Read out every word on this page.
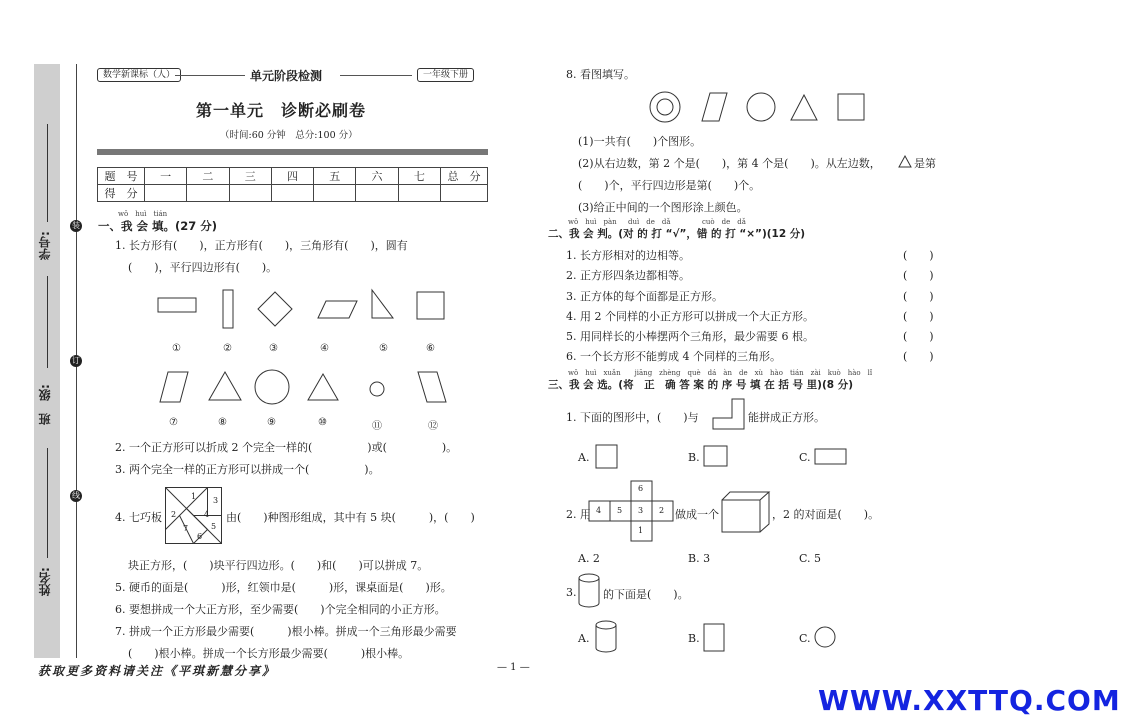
学号:
班　级:
姓名:
装
订
线
数学新课标（人）	单元阶段检测	一年级下册
第一单元　诊断必刷卷
（时间:60 分钟　总分:100 分）
题　号	一	二	三	四	五	六	七	总　分
得　分								
wǒ　huì　tián
一、我 会 填。(27 分)
1. 长方形有(　　)，正方形有(　　)，三角形有(　　)，圆有
(　　)，平行四边形有(　　)。
①	②	③	④	⑤	⑥
⑦	⑧	⑨	⑩	⑪	⑫
2. 一个正方形可以折成 2 个完全一样的(　　　　　)或(　　　　　)。
3. 两个完全一样的正方形可以拼成一个(　　　　　)。
4. 七巧板
1
2
3
4
5
6
7
由(　　)种图形组成，其中有 5 块(　　　)，(　　)
块正方形，(　　)块平行四边形。(　　)和(　　)可以拼成 7。
5. 硬币的面是(　　　)形，红领巾是(　　　)形，课桌面是(　　)形。
6. 要想拼成一个大正方形，至少需要(　　)个完全相同的小正方形。
7. 拼成一个正方形最少需要(　　　)根小棒。拼成一个三角形最少需要
(　　)根小棒。拼成一个长方形最少需要(　　　)根小棒。
8. 看图填写。
(1)一共有(　　)个图形。
(2)从右边数，第 2 个是(　　)，第 4 个是(　　)。从左边数，	是第
(　　)个，平行四边形是第(　　)个。
(3)给正中间的一个图形涂上颜色。
wǒ　huì　pàn duì　de　dǎ	cuò　de　dǎ
二、我 会 判。(对 的 打 “√”，错 的 打 “×”)(12 分)
1. 长方形相对的边相等。	(　　)
2. 正方形四条边都相等。	(　　)
3. 正方体的每个面都是正方形。	(　　)
4. 用 2 个同样的小正方形可以拼成一个大正方形。	(　　)
5. 用同样长的小棒摆两个三角形，最少需要 6 根。	(　　)
6. 一个长方形不能剪成 4 个同样的三角形。	(　　)
wǒ　huì　xuǎn　　jiāng　zhèng　què　dá　àn　de　xù　hào　tián　zài　kuò　hào　lǐ
三、我 会 选。(将　正　确 答 案 的 序 号 填 在 括 号 里)(8 分)
1. 下面的图形中，(　　)与	能拼成正方形。
A.	B.	C.
2. 用
6
4 5 3 2
1
做成一个	，2 的对面是(　　)。
A. 2	B. 3	C. 5
3. 的下面是(　　)。
A.	B.	C.
获取更多资料请关注《平琪新慧分享》	— 1 —
WWW.XXTTQ.COM
